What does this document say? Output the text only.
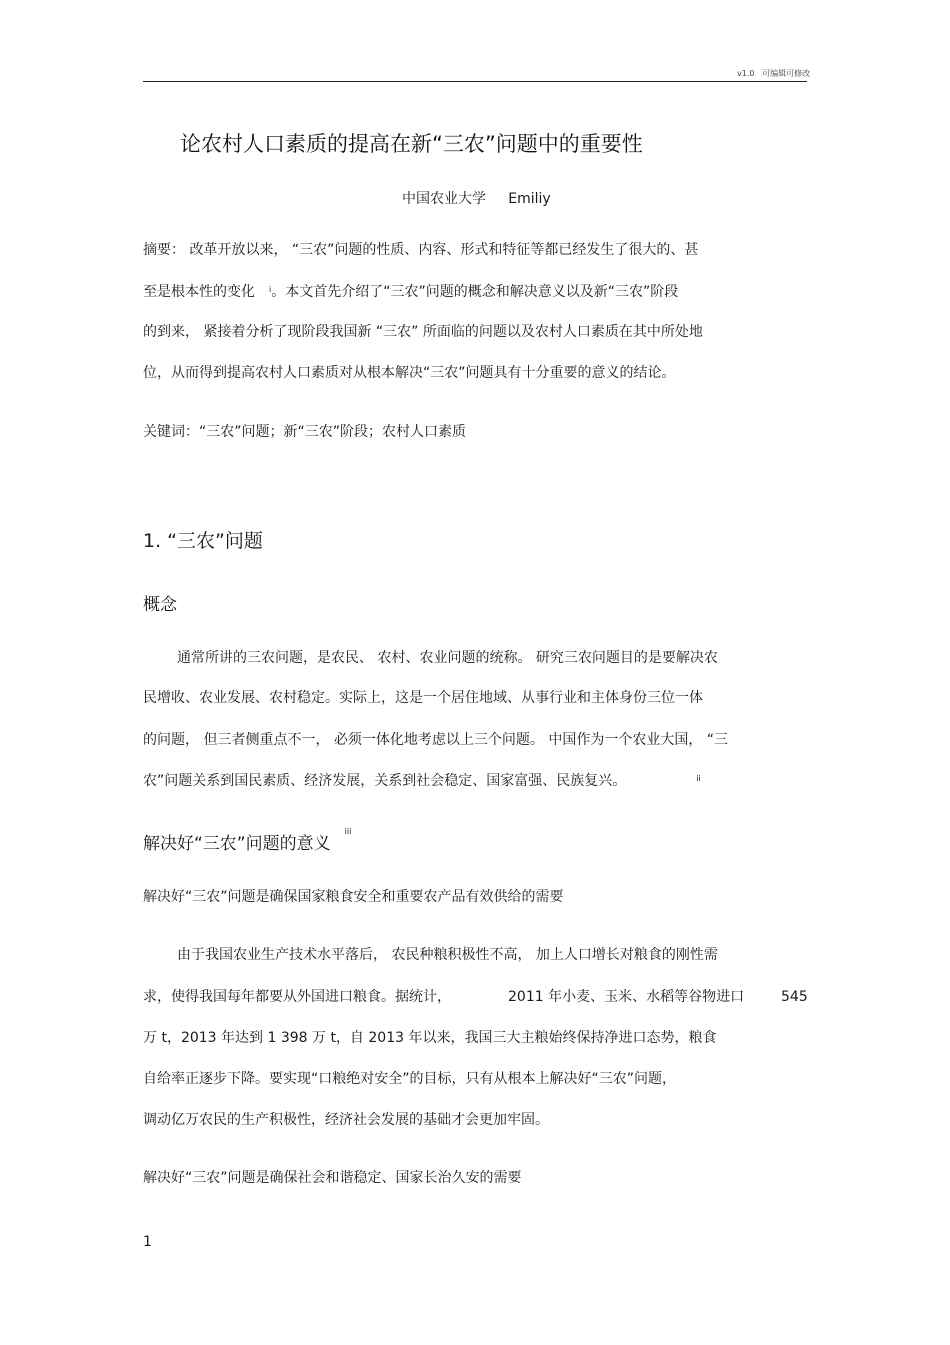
v1.0 可编辑可修改
论农村人口素质的提高在新“三农”问题中的重要性
中国农业大学 Emiliy
摘要： 改革开放以来， “三农”问题的性质、内容、形式和特征等都已经发生了很大的、甚
至是根本性的变化 $^i$。本文首先介绍了“三农”问题的概念和解决意义以及新“三农”阶段
的到来， 紧接着分析了现阶段我国新 “三农” 所面临的问题以及农村人口素质在其中所处地
位，从而得到提高农村人口素质对从根本解决“三农”问题具有十分重要的意义的结论。
关键词：“三农”问题；新“三农”阶段；农村人口素质
1. “三农”问题
概念
通常所讲的三农问题，是农民、 农村、农业问题的统称。 研究三农问题目的是要解决农
民增收、农业发展、农村稳定。实际上，这是一个居住地域、从事行业和主体身份三位一体
的问题， 但三者侧重点不一， 必须一体化地考虑以上三个问题。 中国作为一个农业大国， “三
农”问题关系到国民素质、经济发展，关系到社会稳定、国家富强、民族复兴。	$^{ii}$
解决好“三农”问题的意义$^{iii}$
解决好“三农”问题是确保国家粮食安全和重要农产品有效供给的需要
由于我国农业生产技术水平落后， 农民种粮积极性不高， 加上人口增长对粮食的刚性需
求，使得我国每年都要从外国进口粮食。据统计，	2011 年小麦、玉米、水稻等谷物进口	545
万 t，2013 年达到 1 398 万 t，自 2013 年以来，我国三大主粮始终保持净进口态势，粮食
自给率正逐步下降。要实现“口粮绝对安全”的目标，只有从根本上解决好“三农”问题，
调动亿万农民的生产积极性，经济社会发展的基础才会更加牢固。
解决好“三农”问题是确保社会和谐稳定、国家长治久安的需要
1
